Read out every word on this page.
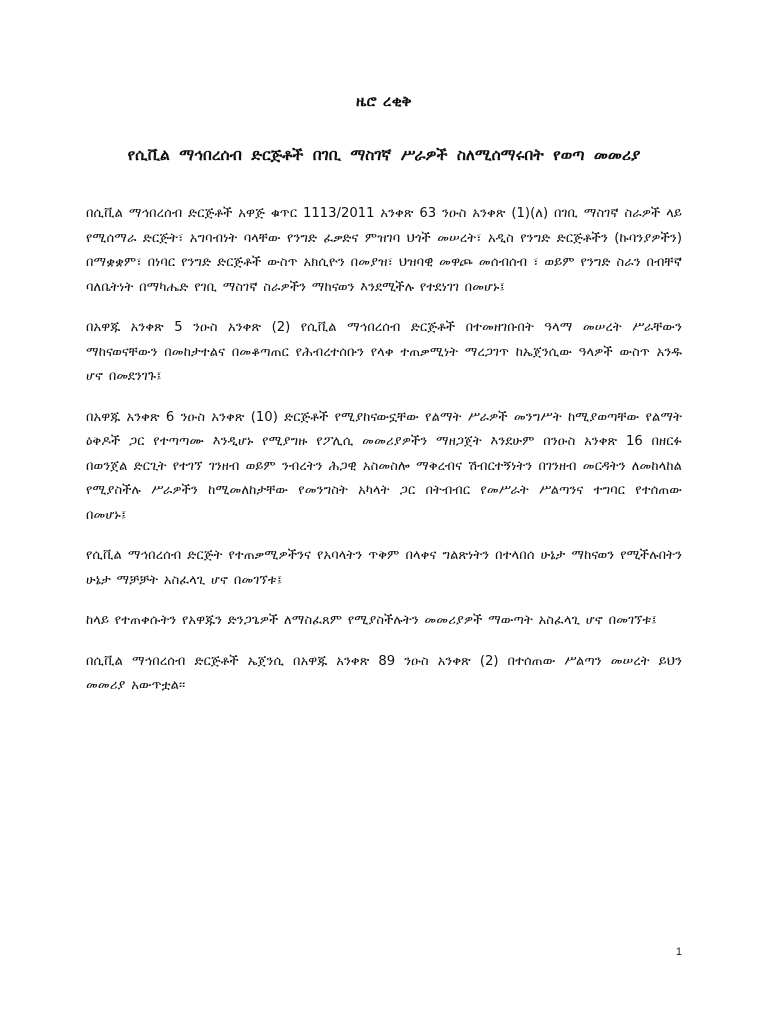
ዜሮ ረቂቅ
የሲቪል ማኅበረሰብ ድርጅቶች በገቢ ማስገኛ ሥራዎች ስለሚሰማሩበት የወጣ መመሪያ

በሲቪል ማኅበረሰብ ድርጅቶች አዋጅ ቁጥር 1113/2011 አንቀጽ 63 ንዑስ አንቀጽ (1)(ለ) በገቢ ማስገኛ ስራዎች ላይ የሚሰማራ ድርጅት፣ አግባብነት ባላቸው የንግድ ፈቃድና ምዝገባ ህጎች መሠረት፣ አዲስ የንግድ ድርጅቶችን (ኩባንያዎችን) በማቋቋም፣ በነባር የንግድ ድርጅቶች ውስጥ አክሲዮን በመያዝ፣ ህዝባዊ መዋጮ መሰብሰብ ፣ ወይም የንግድ ስራን በብቸኛ ባለቤትነት በማካሔድ የገቢ ማስገኛ ስራዎችን ማከናወን እንደሚችሉ የተደነገገ በመሆኑ፤

በአዋጁ አንቀጽ 5 ንዑስ አንቀጽ (2) የሲቪል ማኅበረሰብ ድርጅቶች በተመዘገቡበት ዓላማ መሠረት ሥራቸውን ማከናወናቸውን በመከታተልና በመቆጣጠር የሕብረተሰቡን የላቀ ተጠቃሚነት ማረጋገጥ ከኤጀንሲው ዓላዎች ውስጥ አንዱ ሆኖ በመደንገጉ፤

በአዋጁ አንቀጽ 6 ንዑስ አንቀጽ (10) ድርጅቶች የሚያከናውኗቸው የልማት ሥራዎች መንግሥት ከሚያወጣቸው የልማት ዕቅዶች ጋር የተጣጣሙ እንዲሆኑ የሚያግዙ የፖሊሲ መመሪያዎችን ማዘጋጀት እንደሁም በንዑስ አንቀጽ 16 በዘርፉ በወንጀል ድርጊት የተገኘ ገንዘብ ወይም ንብረትን ሕጋዊ አስመስሎ ማቅረብና ሽብርተኝነትን በገንዘብ መርዳትን ለመከላከል የሚያስችሉ ሥራዎችን ከሚመለከታቸው የመንግስት አካላት ጋር በትብብር የመሥራት ሥልጣንና ተግባር የተሰጠው በመሆኑ፤

የሲቪል ማኅበረሰብ ድርጅት የተጠቃሚዎችንና የአባላትን ጥቅም በላቀና ግልጽነትን በተላበሰ ሁኔታ ማከናወን የሚችሉበትን ሁኔታ ማቻቻት አስፈላጊ ሆኖ በመገኘቱ፤

ከላይ የተጠቀሱትን የአዋጁን ድንጋጌዎች ለማስፈጸም የሚያስችሉትን መመሪያዎች ማውጣት አስፈላጊ ሆኖ በመገኘቱ፤

በሲቪል ማኅበረሰብ ድርጅቶች ኤጀንሲ በአዋጁ አንቀጽ 89 ንዑስ አንቀጽ (2) በተሰጠው ሥልጣን መሠረት ይህን መመሪያ አውጥቷል፡፡

1
